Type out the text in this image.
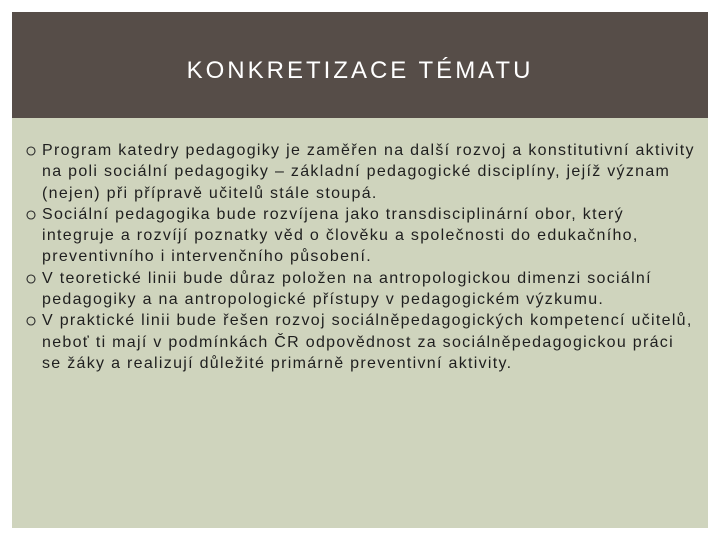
KONKRETIZACE TÉMATU
Program katedry pedagogiky je zaměřen na další rozvoj a konstitutivní aktivity na poli sociální pedagogiky – základní pedagogické disciplíny, jejíž význam (nejen) při přípravě učitelů stále stoupá.
Sociální pedagogika bude rozvíjena jako transdisciplinární obor, který integruje a rozvíjí poznatky věd o člověku a společnosti do edukačního, preventivního i intervenčního působení.
V teoretické linii bude důraz položen na antropologickou dimenzi sociální pedagogiky a na antropologické přístupy v pedagogickém výzkumu.
V praktické linii bude řešen rozvoj sociálněpedagogických kompetencí učitelů, neboť ti mají v podmínkách ČR odpovědnost za sociálněpedagogickou práci se žáky a realizují důležité primárně preventivní aktivity.
